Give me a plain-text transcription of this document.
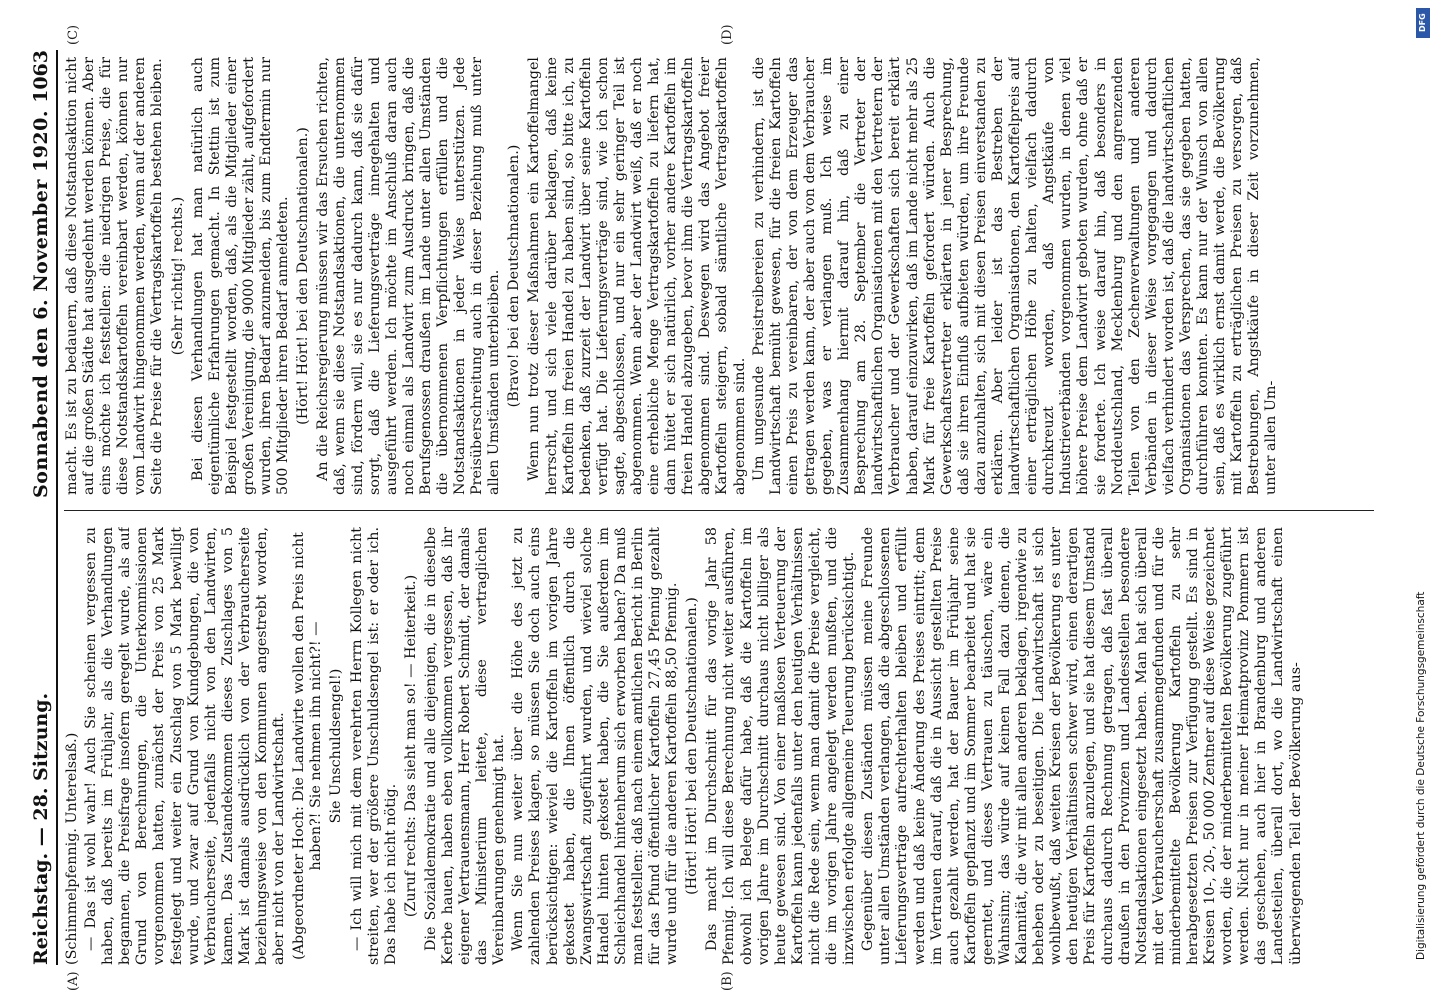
Reichstag. — 28. Sitzung.
Sonnabend den 6. November 1920.
1063

(Schimmelpfennig. Unterelsaß.) — Das ist wohl wahr! Auch Sie scheinen vergessen zu haben, daß bereits im Frühjahr, als die Verhandlungen begannen, die Preisfrage insofern geregelt wurde, als auf Grund von Berechnungen, die Unterkommissionen vorgenommen hatten, zunächst der Preis von 25 Mark festgelegt und weiter ein Zuschlag von 5 Mark bewilligt wurde, und zwar auf Grund von Kundgebungen, die von Verbraucherseite, jedenfalls nicht von den Landwirten, kamen. Das Zustandekommen dieses Zuschlages von 5 Mark ist damals ausdrücklich von der Verbraucherseite beziehungsweise von den Kommunen angestrebt worden, aber nicht von der Landwirtschaft. (Abgeordneter Hoch: Die Landwirte wollen den Preis nicht haben?! Sie nehmen ihn nicht?! — Sie Unschuldsengel!) — Ich will mich mit dem verehrten Herrn Kollegen nicht streiten, wer der größere Unschuldsengel ist: er oder ich. Das habe ich nicht nötig. (Zuruf rechts: Das sieht man so! — Heiterkeit.) Die Sozialdemokratie und alle diejenigen, die in dieselbe Kerbe hauen, haben eben vollkommen vergessen, daß ihr eigener Vertrauensmann, Herr Robert Schmidt, der damals das Ministerium leitete, diese vertraglichen Vereinbarungen genehmigt hat. Wenn Sie nun weiter über die Höhe des jetzt zu zahlenden Preises klagen, so müssen Sie doch auch eins berücksichtigen: wieviel die Kartoffeln im vorigen Jahre gekostet haben, die Ihnen öffentlich durch die Zwangswirtschaft zugeführt wurden, und wieviel solche Handel hinten gekostet haben, die Sie außerdem im Schleichhandel hintenherum sich erworben haben? Da muß man feststellen: daß nach einem amtlichen Bericht in Berlin für das Pfund öffentlicher Kartoffeln 27,45 Pfennig gezahlt wurde und für die anderen Kartoffeln 88,50 Pfennig. (Hört! Hört! bei den Deutschnationalen.) Das macht im Durchschnitt für das vorige Jahr 58 Pfennig. Ich will diese Berechnung nicht weiter ausführen, obwohl ich Belege dafür habe, daß die Kartoffeln im vorigen Jahre im Durchschnitt durchaus nicht billiger als heute gewesen sind. Von einer maßlosen Verteuerung der Kartoffeln kann jedenfalls unter den heutigen Verhältnissen nicht die Rede sein, wenn man damit die Preise vergleicht, die im vorigen Jahre angelegt werden mußten, und die inzwischen erfolgte allgemeine Teuerung berücksichtigt. Gegenüber diesen Zuständen müssen meine Freunde unter allen Umständen verlangen, daß die abgeschlossenen Lieferungsverträge aufrechterhalten bleiben und erfüllt werden und daß keine Änderung des Preises eintritt; denn im Vertrauen darauf, daß die in Aussicht gestellten Preise auch gezahlt werden, hat der Bauer im Frühjahr seine Kartoffeln gepflanzt und im Sommer bearbeitet und hat sie geerntet, und dieses Vertrauen zu täuschen, wäre ein Wahnsinn; das würde auf keinen Fall dazu dienen, die Kalamität, die wir mit allen anderen beklagen, irgendwie zu beheben oder zu beseitigen. Die Landwirtschaft ist sich wohlbewußt, daß weiten Kreisen der Bevölkerung es unter den heutigen Verhältnissen schwer wird, einen derartigen Preis für Kartoffeln anzulegen, und sie hat diesem Umstand durchaus dadurch Rechnung getragen, daß fast überall draußen in den Provinzen und Landesstellen besondere Notstandsaktionen eingesetzt haben. Man hat sich überall mit der Verbraucherschaft zusammengefunden und für die minderbemittelte Bevölkerung Kartoffeln zu sehr herabgesetzten Preisen zur Verfügung gestellt. Es sind in Kreisen 10-, 20-, 50 000 Zentner auf diese Weise gezeichnet worden, die der minderbemittelten Bevölkerung zugeführt werden. Nicht nur in meiner Heimatprovinz Pommern ist das geschehen, auch hier in Brandenburg und anderen Landesteilen, überall dort, wo die Landwirtschaft einen überwiegenden Teil der Bevölkerung aus-

macht. Es ist zu bedauern, daß diese Notstandsaktion nicht auf die großen Städte hat ausgedehnt werden können. Aber eins möchte ich feststellen: die niedrigen Preise, die für diese Notstandskartoffeln vereinbart werden, können nur vom Landwirt hingenommen werden, wenn auf der anderen Seite die Preise für die Vertragskartoffeln bestehen bleiben. (Sehr richtig! rechts.) Bei diesen Verhandlungen hat man natürlich auch eigentümliche Erfahrungen gemacht. In Stettin ist zum Beispiel festgestellt worden, daß, als die Mitglieder einer großen Vereinigung, die 9000 Mitglieder zählt, aufgefordert wurden, ihren Bedarf anzumelden, bis zum Endtermin nur 500 Mitglieder ihren Bedarf anmeldeten. (Hört! Hört! bei den Deutschnationalen.) An die Reichsregierung müssen wir das Ersuchen richten, daß, wenn sie diese Notstandsaktionen, die unternommen sind, fördern will, sie es nur dadurch kann, daß sie dafür sorgt, daß die Lieferungsverträge innegehalten und ausgeführt werden. Ich möchte im Anschluß daran auch noch einmal als Landwirt zum Ausdruck bringen, daß die Berufsgenossen draußen im Lande unter allen Umständen die übernommenen Verpflichtungen erfüllen und die Notstandsaktionen in jeder Weise unterstützen. Jede Preisüberschreitung auch in dieser Beziehung muß unter allen Umständen unterbleiben. (Bravo! bei den Deutschnationalen.) Wenn nun trotz dieser Maßnahmen ein Kartoffelmangel herrscht, und sich viele darüber beklagen, daß keine Kartoffeln im freien Handel zu haben sind, so bitte ich, zu bedenken, daß zurzeit der Landwirt über seine Kartoffeln verfügt hat. Die Lieferungsverträge sind, wie ich schon sagte, abgeschlossen, und nur ein sehr geringer Teil ist abgenommen. Wenn aber der Landwirt weiß, daß er noch eine erhebliche Menge Vertragskartoffeln zu liefern hat, dann hütet er sich natürlich, vorher andere Kartoffeln im freien Handel abzugeben, bevor ihm die Vertragskartoffeln abgenommen sind. Deswegen wird das Angebot freier Kartoffeln steigern, sobald sämtliche Vertragskartoffeln abgenommen sind. Um ungesunde Preistreibereien zu verhindern, ist die Landwirtschaft bemüht gewesen, für die freien Kartoffeln einen Preis zu vereinbaren, der von dem Erzeuger das getragen werden kann, der aber auch von dem Verbraucher gegeben, was er verlangen muß. Ich weise im Zusammenhang hiermit darauf hin, daß zu einer Besprechung am 28. September die Vertreter der landwirtschaftlichen Organisationen mit den Vertretern der Verbraucher und der Gewerkschaften sich bereit erklärt haben, darauf einzuwirken, daß im Lande nicht mehr als 25 Mark für freie Kartoffeln gefordert würden. Auch die Gewerkschaftsvertreter erklärten in jener Besprechung, daß sie ihren Einfluß aufbieten würden, um ihre Freunde dazu anzuhalten, sich mit diesen Preisen einverstanden zu erklären. Aber leider ist das Bestreben der landwirtschaftlichen Organisationen, den Kartoffelpreis auf einer erträglichen Höhe zu halten, vielfach dadurch durchkreuzt worden, daß Angstkäufe von Industrieverbänden vorgenommen wurden, in denen viel höhere Preise dem Landwirt geboten wurden, ohne daß er sie forderte. Ich weise darauf hin, daß besonders in Norddeutschland, Mecklenburg und den angrenzenden Teilen von den Zechenverwaltungen und anderen Verbänden in dieser Weise vorgegangen und dadurch vielfach verhindert worden ist, daß die landwirtschaftlichen Organisationen das Versprechen, das sie gegeben hatten, durchführen konnten. Es kann nur der Wunsch von allen sein, daß es wirklich ernst damit werde, die Bevölkerung mit Kartoffeln zu erträglichen Preisen zu versorgen, daß Bestrebungen, Angstkäufe in dieser Zeit vorzunehmen, unter allen Um-

(A)	(B)
(C)	(D)
DFG
Digitalisierung gefördert durch die Deutsche Forschungsgemeinschaft
